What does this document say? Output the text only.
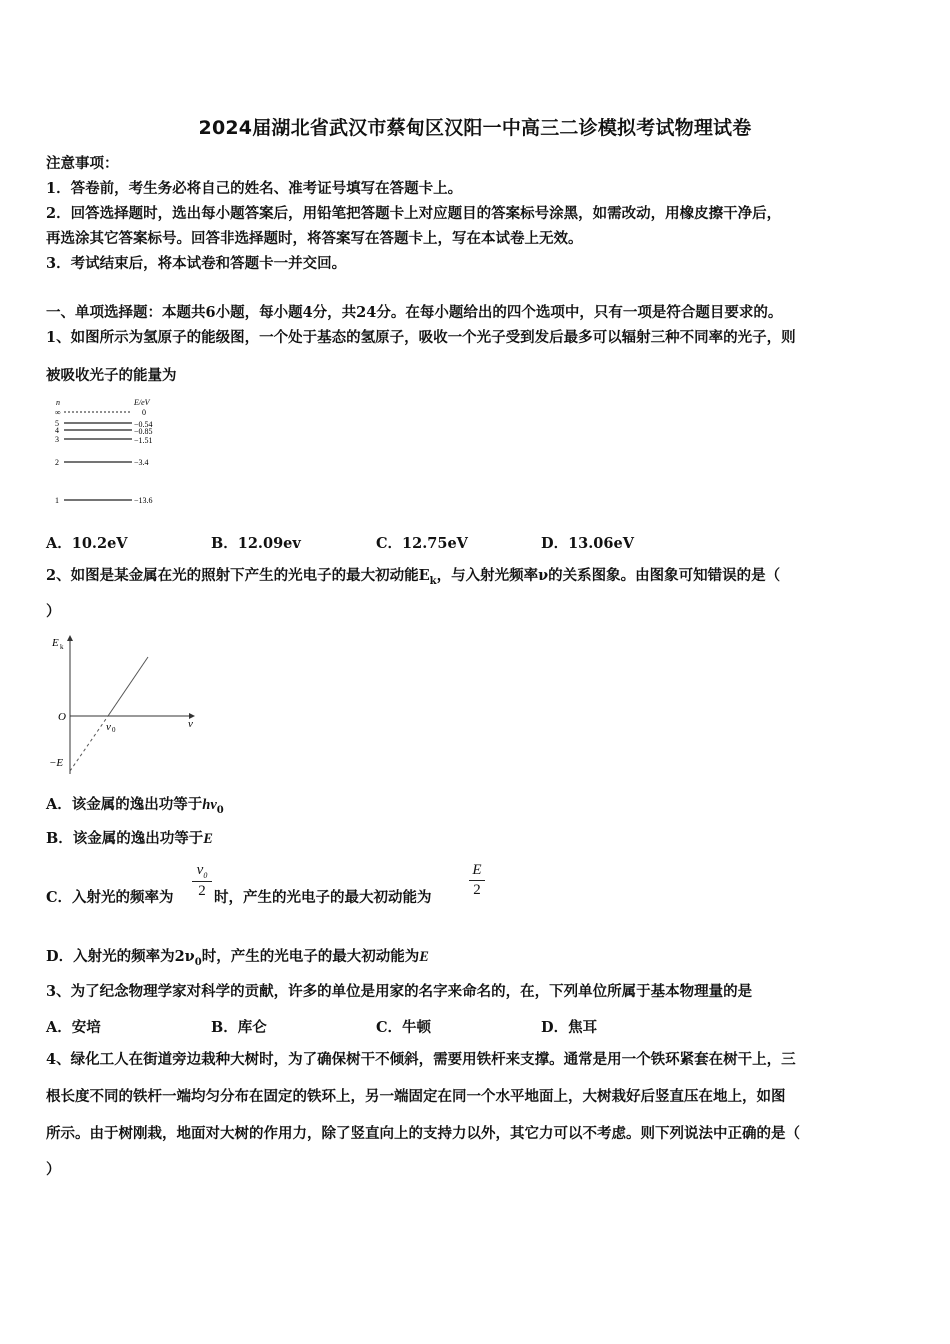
2024届湖北省武汉市蔡甸区汉阳一中高三二诊模拟考试物理试卷
注意事项：
1．答卷前，考生务必将自己的姓名、准考证号填写在答题卡上。
2．回答选择题时，选出每小题答案后，用铅笔把答题卡上对应题目的答案标号涂黑，如需改动，用橡皮擦干净后，
再选涂其它答案标号。回答非选择题时，将答案写在答题卡上，写在本试卷上无效。
3．考试结束后，将本试卷和答题卡一并交回。
一、单项选择题：本题共6小题，每小题4分，共24分。在每小题给出的四个选项中，只有一项是符合题目要求的。
1、如图所示为氢原子的能级图，一个处于基态的氢原子，吸收一个光子受到发后最多可以辐射三种不同率的光子，则
被吸收光子的能量为
n	E/eV
∞	0
5	−0.54
4	−0.85
3	−1.51
2	−3.4
1	−13.6
A．10.2eV	B．12.09ev	C．12.75eV	D．13.06eV
2、如图是某金属在光的照射下产生的光电子的最大初动能$E_k$，与入射光频率ν的关系图象。由图象可知错误的是（
）
E k
ν
O
ν 0
−E
A．该金属的逸出功等于$h\nu_0$
B．该金属的逸出功等于E
C．入射光的频率为
$\nu_0$
2 时，产生的光电子的最大初动能为
E
2
D．入射光的频率为$2\nu_0$时，产生的光电子的最大初动能为E
3、为了纪念物理学家对科学的贡献，许多的单位是用家的名字来命名的，在，下列单位所属于基本物理量的是
A．安培	B．库仑	C．牛顿	D．焦耳
4、绿化工人在街道旁边栽种大树时，为了确保树干不倾斜，需要用铁杆来支撑。通常是用一个铁环紧套在树干上，三
根长度不同的铁杆一端均匀分布在固定的铁环上，另一端固定在同一个水平地面上，大树栽好后竖直压在地上，如图
所示。由于树刚栽，地面对大树的作用力，除了竖直向上的支持力以外，其它力可以不考虑。则下列说法中正确的是（
）
